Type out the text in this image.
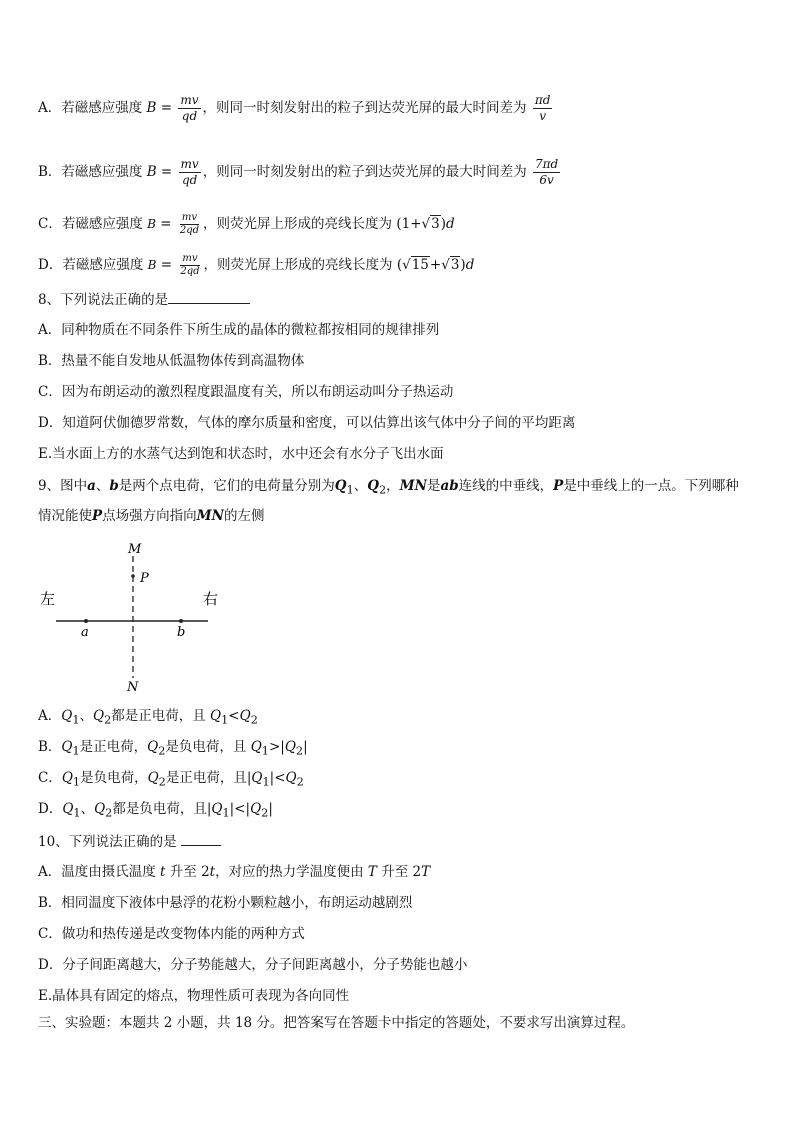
A．若磁感应强度 $B = \frac{mv}{qd}$ ，则同一时刻发射出的粒子到达荧光屏的最大时间差为 $\frac{\pi d}{v}$
B．若磁感应强度 $B = \frac{mv}{qd}$ ，则同一时刻发射出的粒子到达荧光屏的最大时间差为 $\frac{7\pi d}{6v}$
C．若磁感应强度 $B = \frac{mv}{2qd}$ ，则荧光屏上形成的亮线长度为 (1+√3)d
D．若磁感应强度 $B = \frac{mv}{2qd}$ ，则荧光屏上形成的亮线长度为 (√15+√3)d
8、下列说法正确的是
A．同种物质在不同条件下所生成的晶体的微粒都按相同的规律排列
B．热量不能自发地从低温物体传到高温物体
C．因为布朗运动的激烈程度跟温度有关，所以布朗运动叫分子热运动
D．知道阿伏伽德罗常数，气体的摩尔质量和密度，可以估算出该气体中分子间的平均距离
E.当水面上方的水蒸气达到饱和状态时，水中还会有水分子飞出水面
9、图中a、b是两个点电荷，它们的电荷量分别为$Q_1$、$Q_2$，MN是ab连线的中垂线，P是中垂线上的一点。下列哪种
情况能使P点场强方向指向MN的左侧
M
P
N
a	b
左	右
A．$Q_1$、$Q_2$都是正电荷，且 $Q_1<Q_2$
B．$Q_1$是正电荷，$Q_2$是负电荷，且 $Q_1>|Q_2|$
C．$Q_1$是负电荷，$Q_2$是正电荷，且$|Q_1|<Q_2$
D．$Q_1$、$Q_2$都是负电荷，且$|Q_1|<|Q_2|$
10、下列说法正确的是
A．温度由摄氏温度 t 升至 2t，对应的热力学温度便由 T 升至 2T
B．相同温度下液体中悬浮的花粉小颗粒越小，布朗运动越剧烈
C．做功和热传递是改变物体内能的两种方式
D．分子间距离越大，分子势能越大，分子间距离越小，分子势能也越小
E.晶体具有固定的熔点，物理性质可表现为各向同性
三、实验题：本题共 2 小题，共 18 分。把答案写在答题卡中指定的答题处，不要求写出演算过程。
